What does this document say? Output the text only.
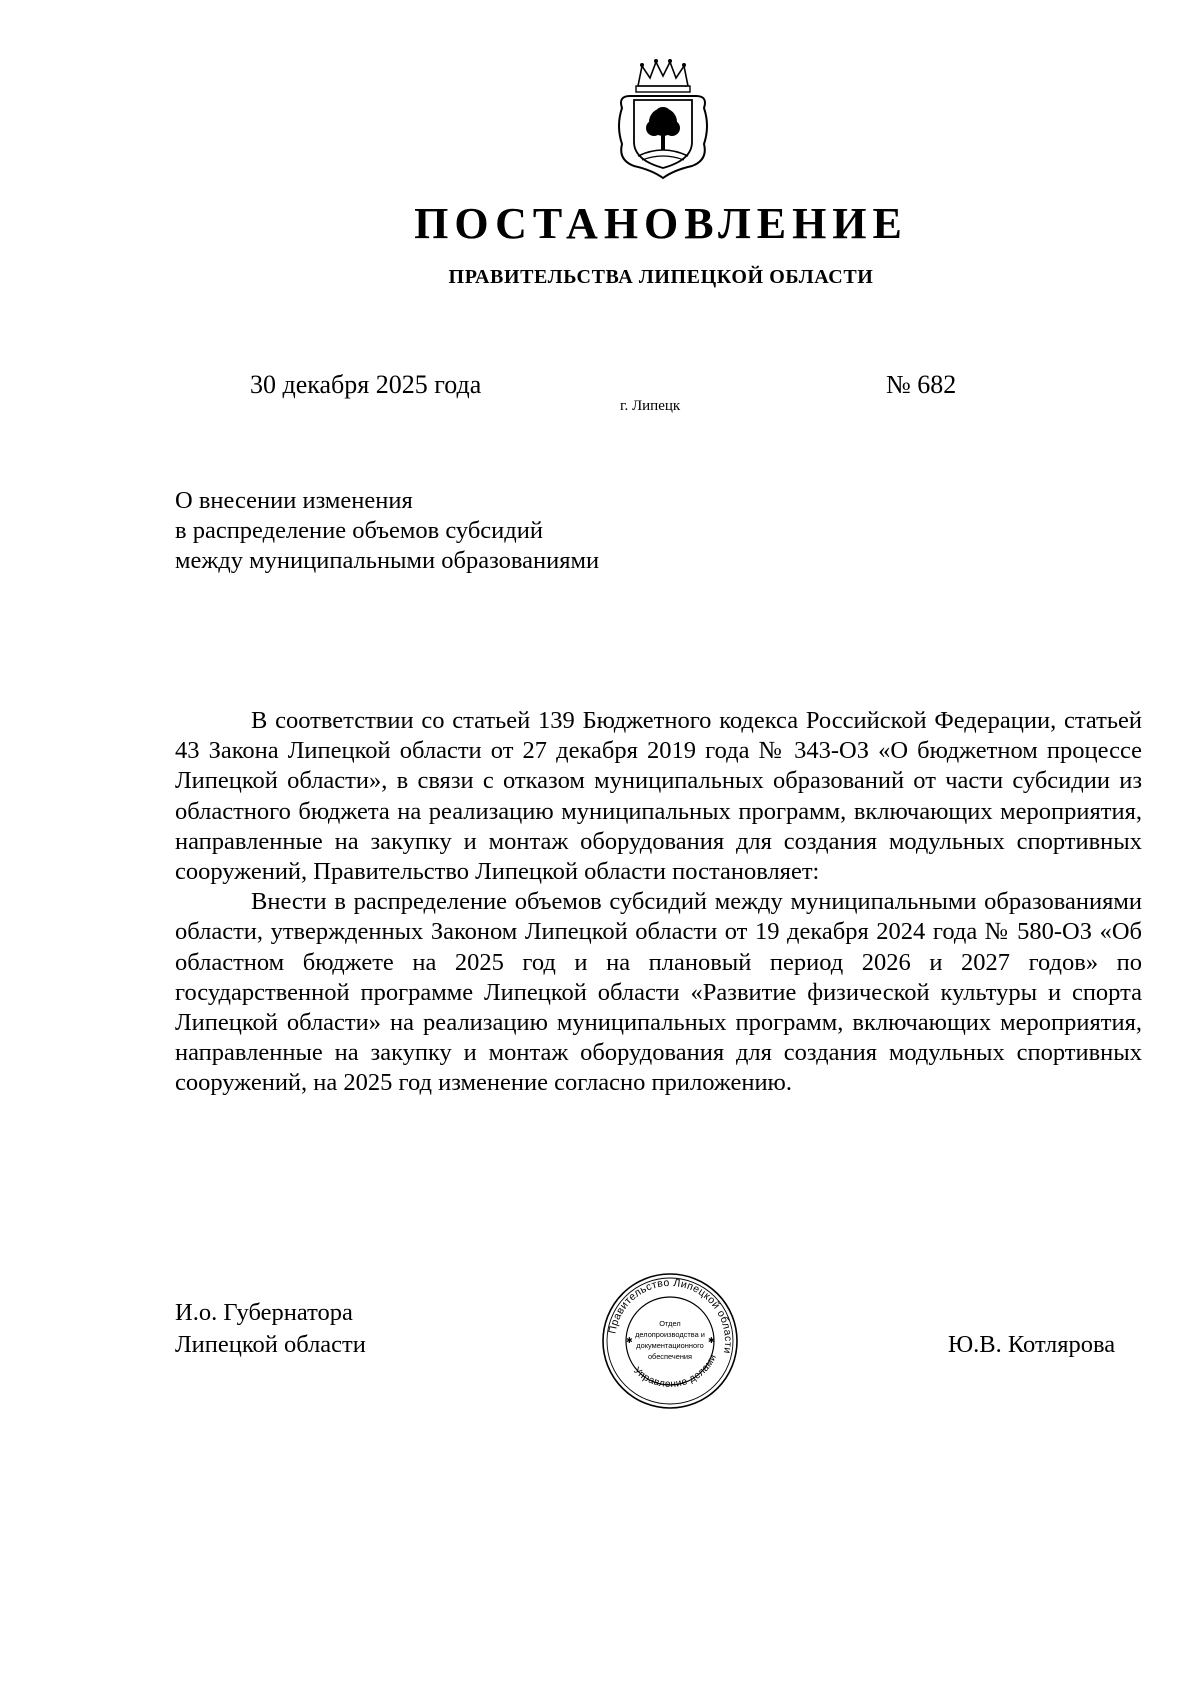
ПОСТАНОВЛЕНИЕ
ПРАВИТЕЛЬСТВА ЛИПЕЦКОЙ ОБЛАСТИ
30 декабря 2025 года
г. Липецк
№ 682
О внесении изменения
в распределение объемов субсидий
между муниципальными образованиями

В соответствии со статьей 139 Бюджетного кодекса Российской Федерации, статьей 43 Закона Липецкой области от 27 декабря 2019 года № 343-ОЗ «О бюджетном процессе Липецкой области», в связи с отказом муниципальных образований от части субсидии из областного бюджета на реализацию муниципальных программ, включающих мероприятия, направленные на закупку и монтаж оборудования для создания модульных спортивных сооружений, Правительство Липецкой области постановляет:

Внести в распределение объемов субсидий между муниципальными образованиями области, утвержденных Законом Липецкой области от 19 декабря 2024 года № 580-ОЗ «Об областном бюджете на 2025 год и на плановый период 2026 и 2027 годов» по государственной программе Липецкой области «Развитие физической культуры и спорта Липецкой области» на реализацию муниципальных программ, включающих мероприятия, направленные на закупку и монтаж оборудования для создания модульных спортивных сооружений, на 2025 год изменение согласно приложению.

И.о. Губернатора
Липецкой области
Правительство Липецкой области
Управление делами
✱	✱
Отдел
делопроизводства и
документационного
обеспечения	Ю.В. Котлярова
